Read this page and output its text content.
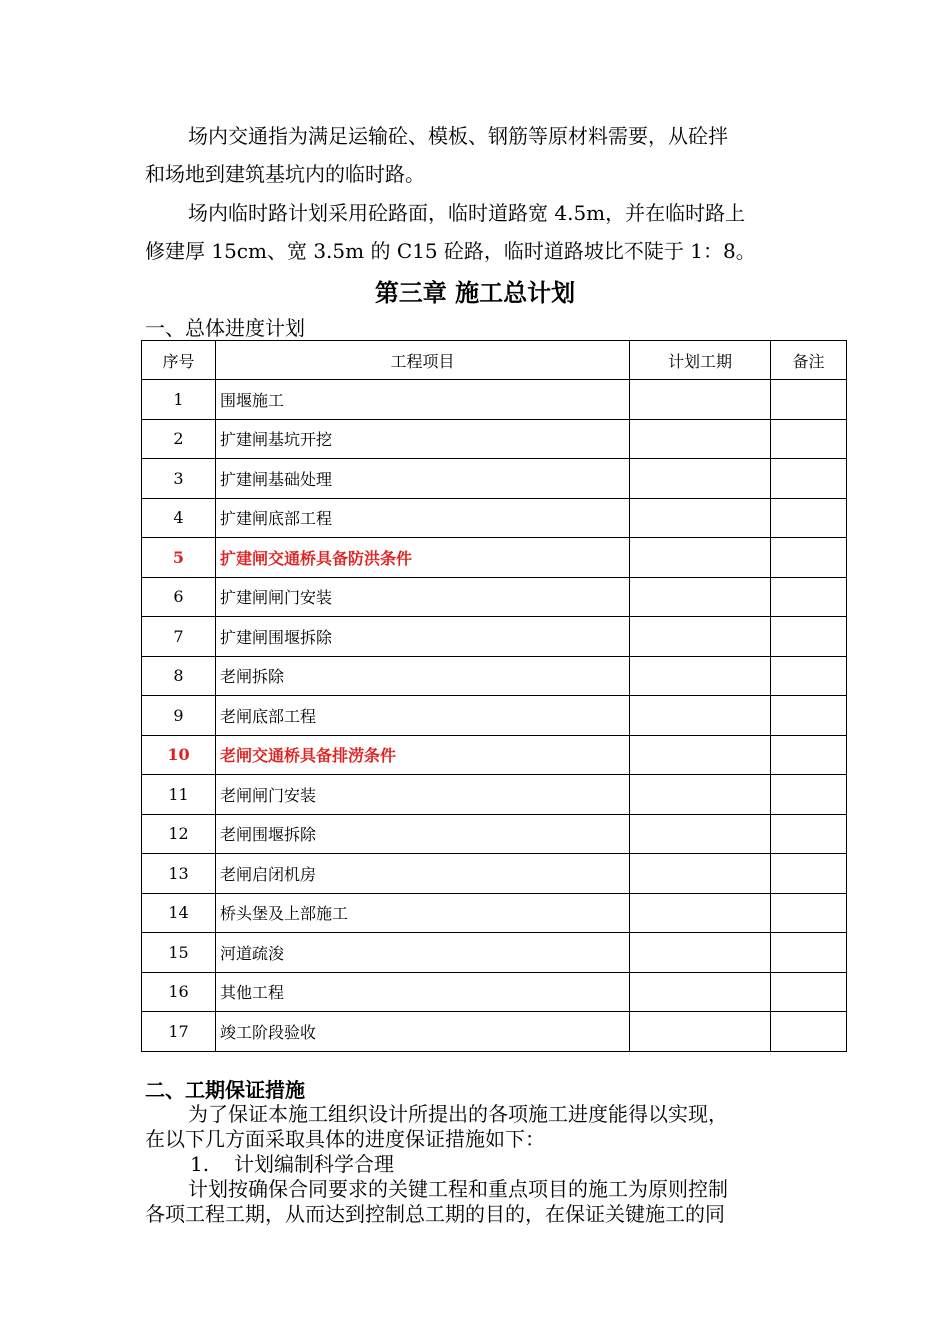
场内交通指为满足运输砼、模板、钢筋等原材料需要，从砼拌
和场地到建筑基坑内的临时路。
场内临时路计划采用砼路面，临时道路宽 4.5m，并在临时路上
修建厚 15cm、宽 3.5m 的 C15 砼路，临时道路坡比不陡于 1：8。
第三章 施工总计划
一、总体进度计划
序号	工程项目	计划工期	备注
1	围堰施工		
2	扩建闸基坑开挖		
3	扩建闸基础处理		
4	扩建闸底部工程		
5	扩建闸交通桥具备防洪条件		
6	扩建闸闸门安装		
7	扩建闸围堰拆除		
8	老闸拆除		
9	老闸底部工程		
10	老闸交通桥具备排涝条件		
11	老闸闸门安装		
12	老闸围堰拆除		
13	老闸启闭机房		
14	桥头堡及上部施工		
15	河道疏浚		
16	其他工程		
17	竣工阶段验收		
二、工期保证措施
为了保证本施工组织设计所提出的各项施工进度能得以实现，
在以下几方面采取具体的进度保证措施如下：
1. 计划编制科学合理
计划按确保合同要求的关键工程和重点项目的施工为原则控制
各项工程工期，从而达到控制总工期的目的，在保证关键施工的同
